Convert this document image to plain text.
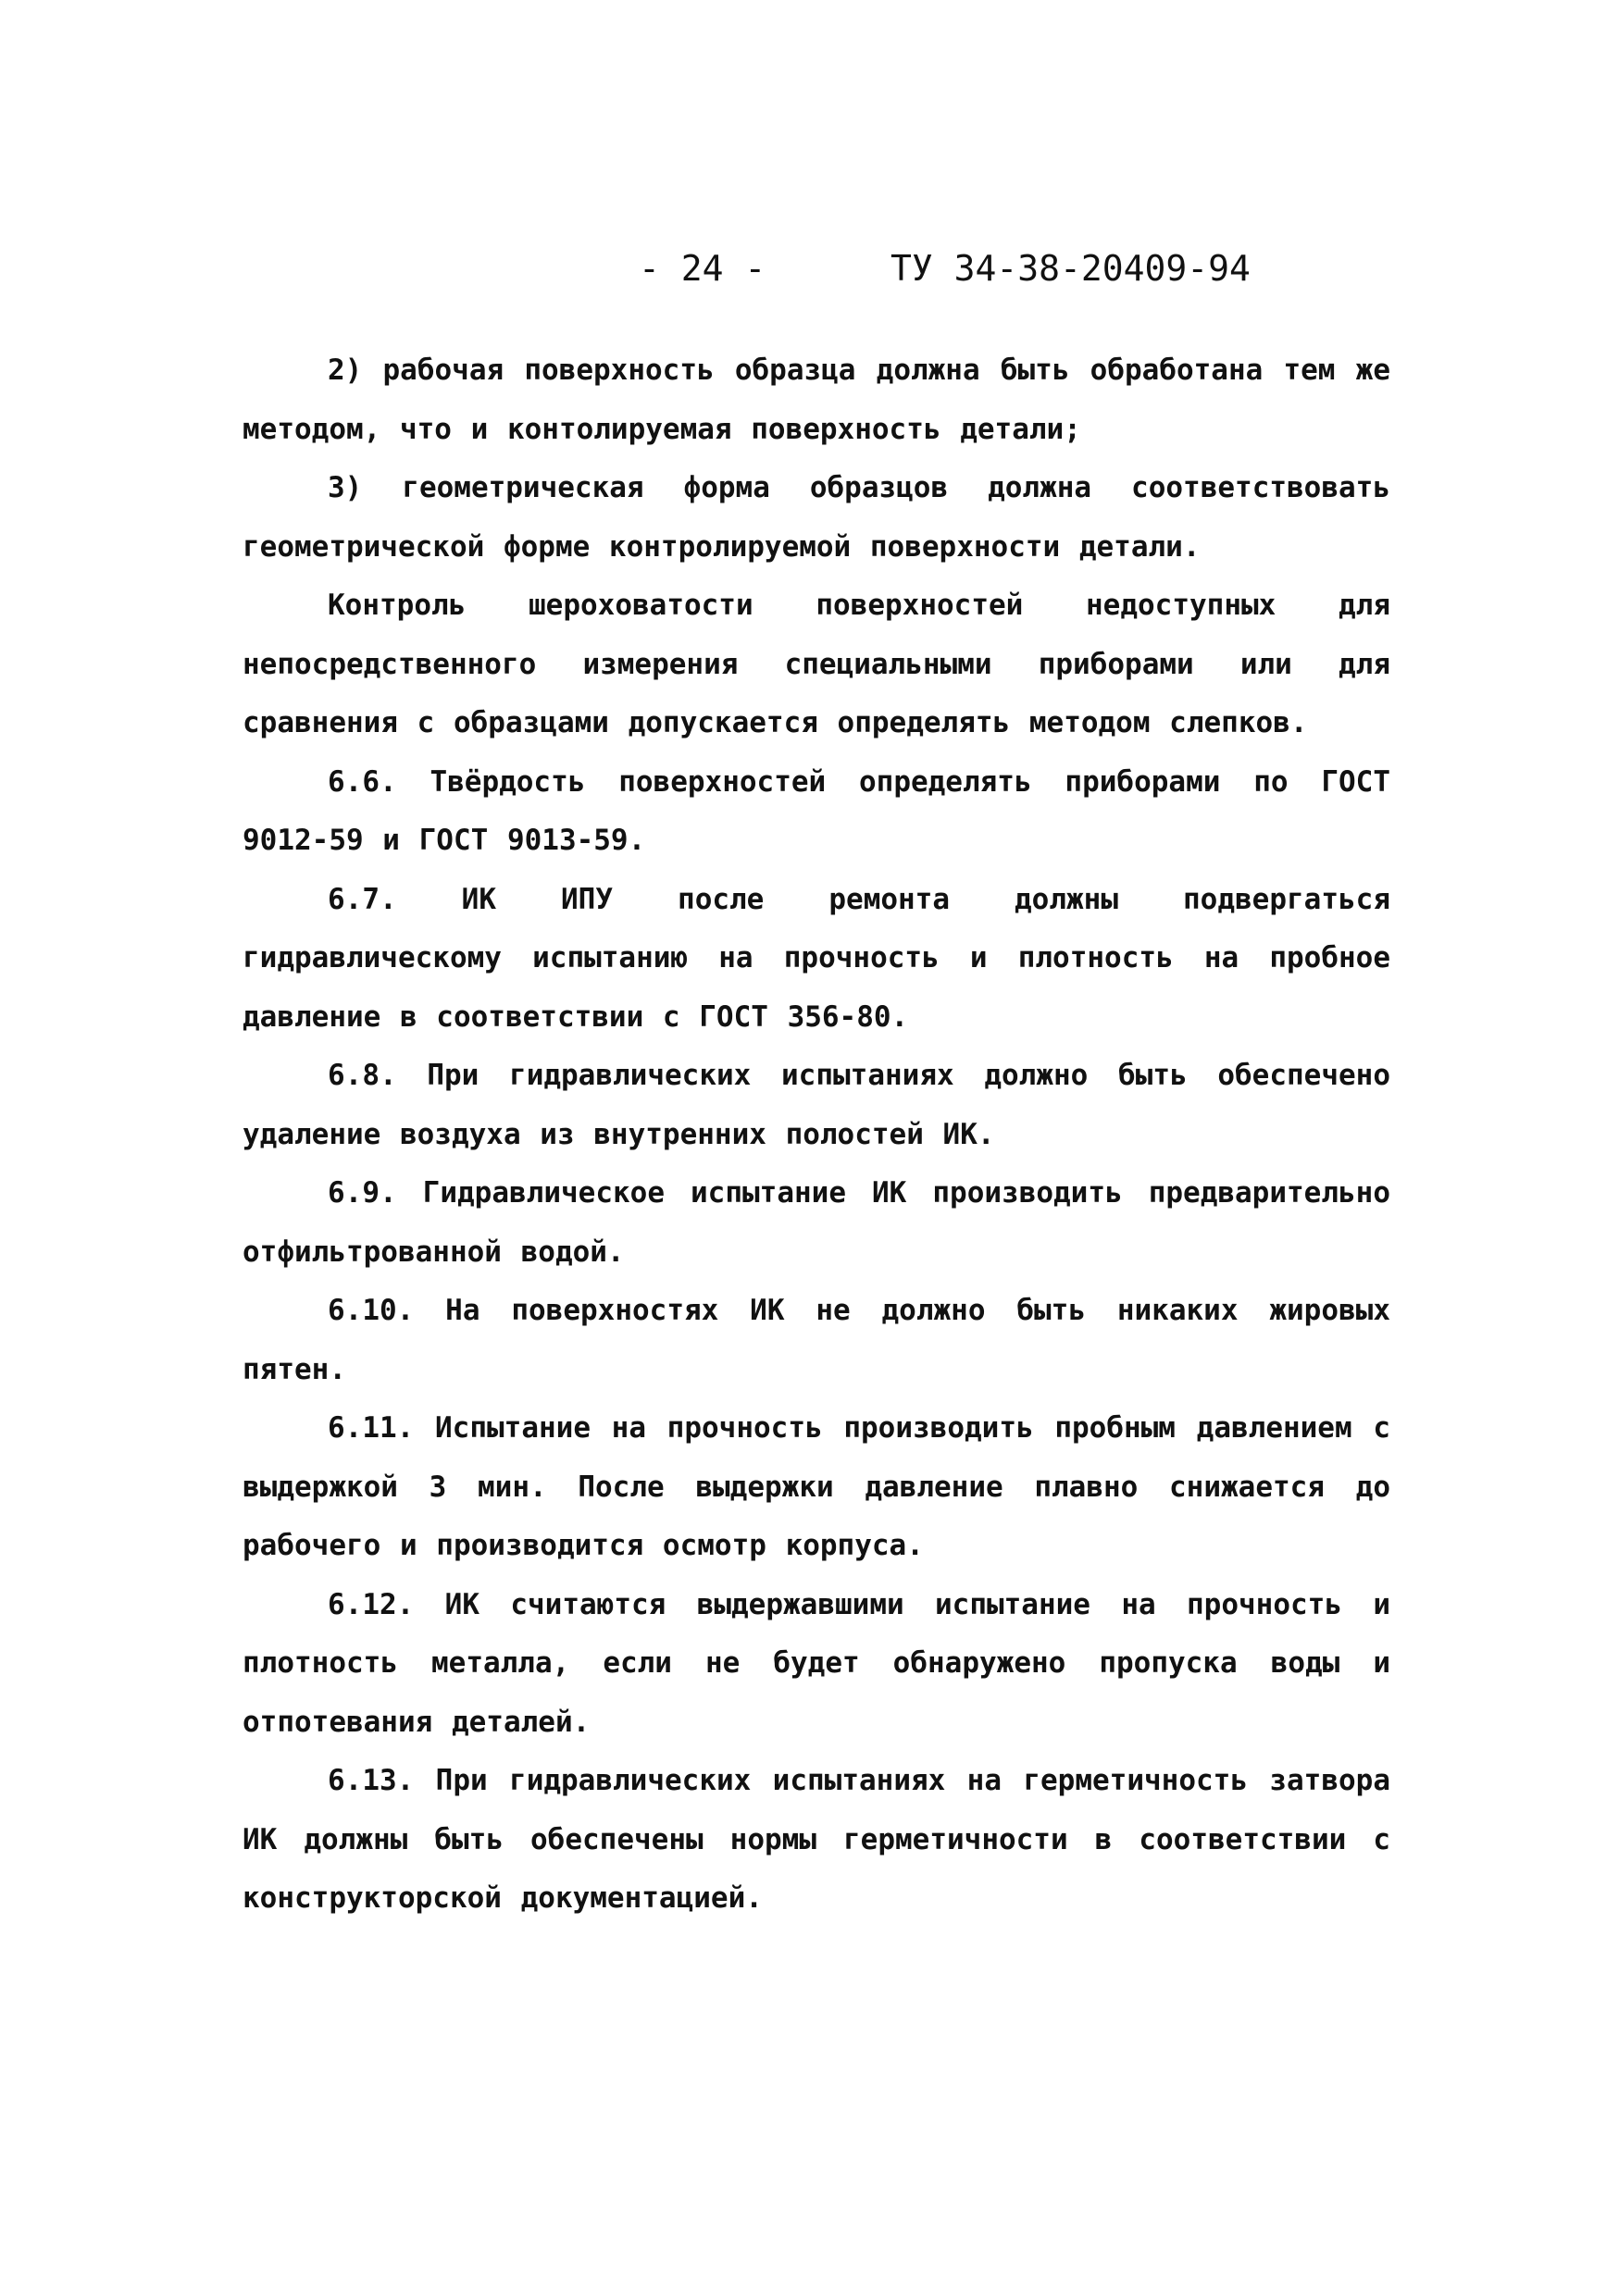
- 24 -	ТУ 34-38-20409-94

2) рабочая поверхность образца должна быть обработана тем же методом, что и контолируемая поверхность детали;

3) геометрическая форма образцов должна соответствовать геометрической форме контролируемой поверхности детали.

Контроль шероховатости поверхностей недоступных для непосредственного измерения специальными приборами или для сравнения с образцами допускается определять методом слепков.

6.6. Твёрдость поверхностей определять приборами по ГОСТ 9012-59 и ГОСТ 9013-59.

6.7. ИК ИПУ после ремонта должны подвергаться гидравлическому испытанию на прочность и плотность на пробное давление в соответствии с ГОСТ 356-80.

6.8. При гидравлических испытаниях должно быть обеспечено удаление воздуха из внутренних полостей ИК.

6.9. Гидравлическое испытание ИК производить предварительно отфильтрованной водой.

6.10. На поверхностях ИК не должно быть никаких жировых пятен.

6.11. Испытание на прочность производить пробным давлением с выдержкой 3 мин. После выдержки давление плавно снижается до рабочего и производится осмотр корпуса.

6.12. ИК считаются выдержавшими испытание на прочность и плотность металла, если не будет обнаружено пропуска воды и отпотевания деталей.

6.13. При гидравлических испытаниях на герметичность затвора ИК должны быть обеспечены нормы герметичности в соответствии с конструкторской документацией.
